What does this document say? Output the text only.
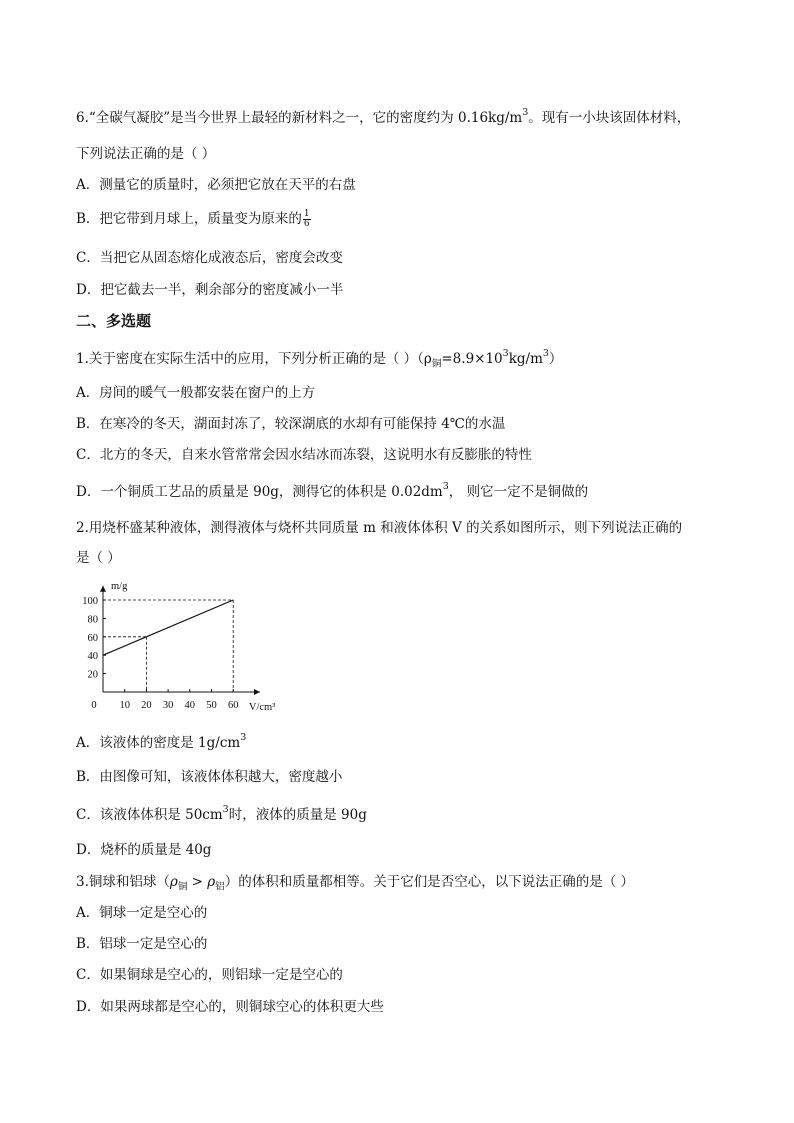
6.“全碳气凝胶”是当今世界上最轻的新材料之一，它的密度约为 $0.16kg/m^3$。现有一小块该固体材料，
下列说法正确的是（ ）
A．测量它的质量时，必须把它放在天平的右盘
B．把它带到月球上，质量变为原来的 $\frac{1}{6}$
C．当把它从固态熔化成液态后，密度会改变
D．把它截去一半，剩余部分的密度减小一半
二、多选题
1.关于密度在实际生活中的应用，下列分析正确的是（ ）$(\rho_铜=8.9\times 10^3kg/m^3)$
A．房间的暖气一般都安装在窗户的上方
B．在寒冷的冬天，湖面封冻了，较深湖底的水却有可能保持 4℃的水温
C．北方的冬天，自来水管常常会因水结冰而冻裂，这说明水有反膨胀的特性
D．一个铜质工艺品的质量是 90g，测得它的体积是 $0.02dm^3$， 则它一定不是铜做的
2.用烧杯盛某种液体，测得液体与烧杯共同质量 m 和液体体积 V 的关系如图所示，则下列说法正确的
是（ ）
20
40
60
80
100
10 20 30 40 50 60
0
m/g
V/cm³
A．该液体的密度是 $1g/cm^3$
B．由图像可知，该液体体积越大，密度越小
C．该液体体积是 $50cm^3$时，液体的质量是 90g
D．烧杯的质量是 40g
3.铜球和铝球$(\rho_铜 > \rho_铝)$的体积和质量都相等。关于它们是否空心，以下说法正确的是（ ）
A．铜球一定是空心的
B．铝球一定是空心的
C．如果铜球是空心的，则铝球一定是空心的
D．如果两球都是空心的，则铜球空心的体积更大些
